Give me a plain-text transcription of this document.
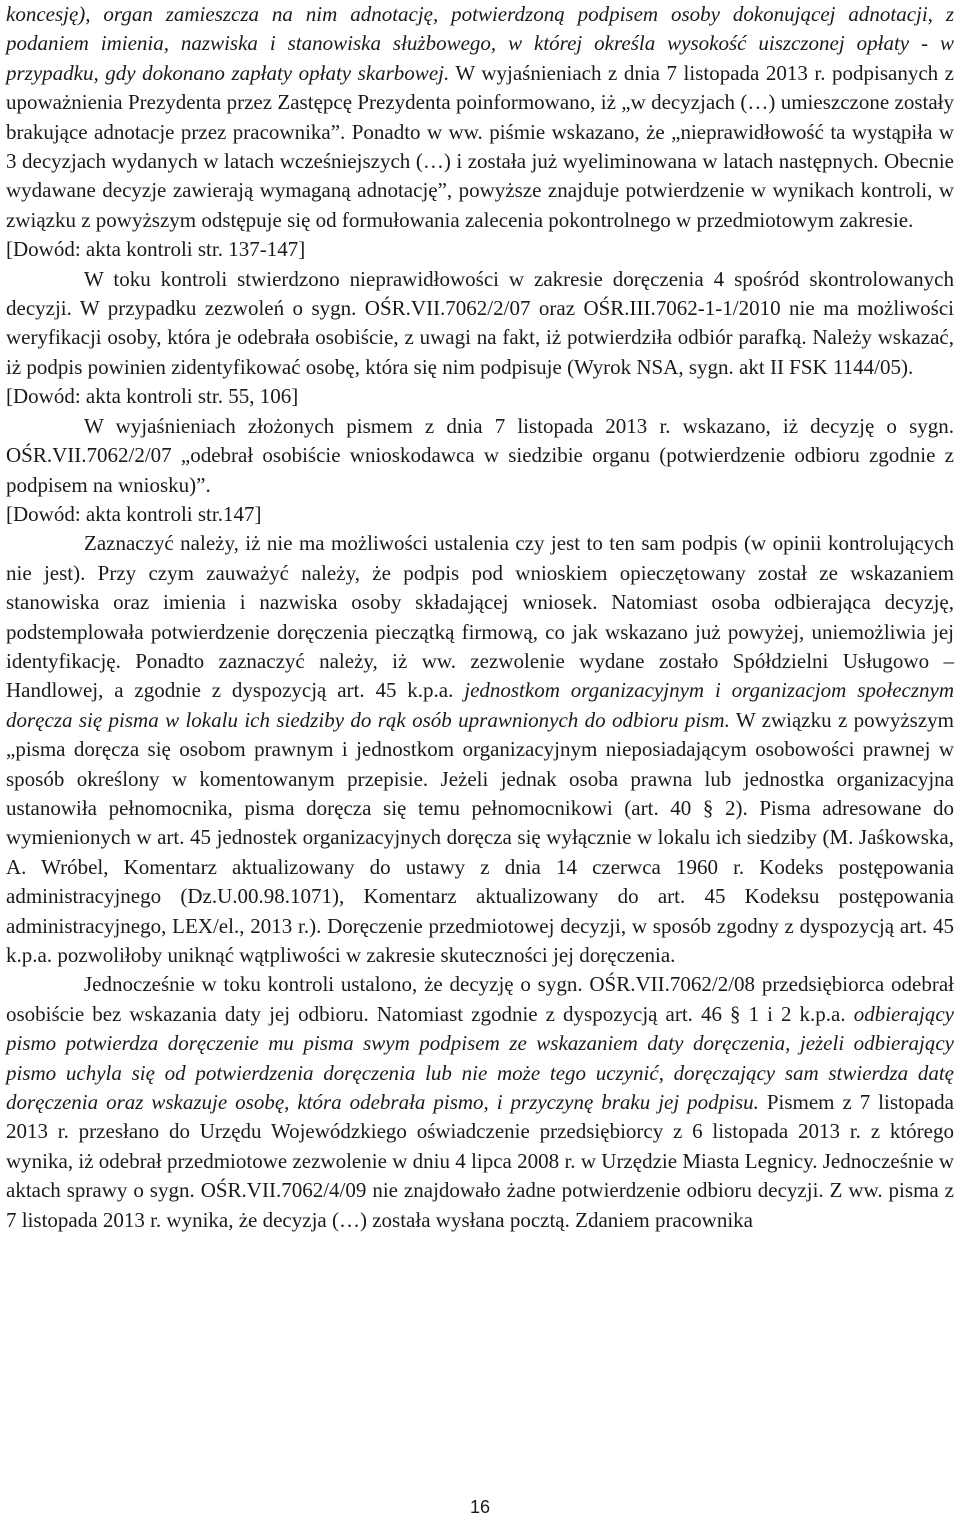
koncesję), organ zamieszcza na nim adnotację, potwierdzoną podpisem osoby dokonującej adnotacji, z podaniem imienia, nazwiska i stanowiska służbowego, w której określa wysokość uiszczonej opłaty - w przypadku, gdy dokonano zapłaty opłaty skarbowej. W wyjaśnieniach z dnia 7 listopada 2013 r. podpisanych z upoważnienia Prezydenta przez Zastępcę Prezydenta poinformowano, iż „w decyzjach (…) umieszczone zostały brakujące adnotacje przez pracownika”. Ponadto w ww. piśmie wskazano, że „nieprawidłowość ta wystąpiła w 3 decyzjach wydanych w latach wcześniejszych (…) i została już wyeliminowana w latach następnych. Obecnie wydawane decyzje zawierają wymaganą adnotację”, powyższe znajduje potwierdzenie w wynikach kontroli, w związku z powyższym odstępuje się od formułowania zalecenia pokontrolnego w przedmiotowym zakresie.

[Dowód: akta kontroli str. 137-147]

W toku kontroli stwierdzono nieprawidłowości w zakresie doręczenia 4 spośród skontrolowanych decyzji. W przypadku zezwoleń o sygn. OŚR.VII.7062/2/07 oraz OŚR.III.7062-1-1/2010 nie ma możliwości weryfikacji osoby, która je odebrała osobiście, z uwagi na fakt, iż potwierdziła odbiór parafką. Należy wskazać, iż podpis powinien zidentyfikować osobę, która się nim podpisuje (Wyrok NSA, sygn. akt II FSK 1144/05).

[Dowód: akta kontroli str. 55, 106]

W wyjaśnieniach złożonych pismem z dnia 7 listopada 2013 r. wskazano, iż decyzję o sygn. OŚR.VII.7062/2/07 „odebrał osobiście wnioskodawca w siedzibie organu (potwierdzenie odbioru zgodnie z podpisem na wniosku)”.

[Dowód: akta kontroli str.147]

Zaznaczyć należy, iż nie ma możliwości ustalenia czy jest to ten sam podpis (w opinii kontrolujących nie jest). Przy czym zauważyć należy, że podpis pod wnioskiem opieczętowany został ze wskazaniem stanowiska oraz imienia i nazwiska osoby składającej wniosek. Natomiast osoba odbierająca decyzję, podstemplowała potwierdzenie doręczenia pieczątką firmową, co jak wskazano już powyżej, uniemożliwia jej identyfikację. Ponadto zaznaczyć należy, iż ww. zezwolenie wydane zostało Spółdzielni Usługowo – Handlowej, a zgodnie z dyspozycją art. 45 k.p.a. jednostkom organizacyjnym i organizacjom społecznym doręcza się pisma w lokalu ich siedziby do rąk osób uprawnionych do odbioru pism. W związku z powyższym „pisma doręcza się osobom prawnym i jednostkom organizacyjnym nieposiadającym osobowości prawnej w sposób określony w komentowanym przepisie. Jeżeli jednak osoba prawna lub jednostka organizacyjna ustanowiła pełnomocnika, pisma doręcza się temu pełnomocnikowi (art. 40 § 2). Pisma adresowane do wymienionych w art. 45 jednostek organizacyjnych doręcza się wyłącznie w lokalu ich siedziby (M. Jaśkowska, A. Wróbel, Komentarz aktualizowany do ustawy z dnia 14 czerwca 1960 r. Kodeks postępowania administracyjnego (Dz.U.00.98.1071), Komentarz aktualizowany do art. 45 Kodeksu postępowania administracyjnego, LEX/el., 2013 r.). Doręczenie przedmiotowej decyzji, w sposób zgodny z dyspozycją art. 45 k.p.a. pozwoliłoby uniknąć wątpliwości w zakresie skuteczności jej doręczenia.

Jednocześnie w toku kontroli ustalono, że decyzję o sygn. OŚR.VII.7062/2/08 przedsiębiorca odebrał osobiście bez wskazania daty jej odbioru. Natomiast zgodnie z dyspozycją art. 46 § 1 i 2 k.p.a. odbierający pismo potwierdza doręczenie mu pisma swym podpisem ze wskazaniem daty doręczenia, jeżeli odbierający pismo uchyla się od potwierdzenia doręczenia lub nie może tego uczynić, doręczający sam stwierdza datę doręczenia oraz wskazuje osobę, która odebrała pismo, i przyczynę braku jej podpisu. Pismem z 7 listopada 2013 r. przesłano do Urzędu Wojewódzkiego oświadczenie przedsiębiorcy z 6 listopada 2013 r. z którego wynika, iż odebrał przedmiotowe zezwolenie w dniu 4 lipca 2008 r. w Urzędzie Miasta Legnicy. Jednocześnie w aktach sprawy o sygn. OŚR.VII.7062/4/09 nie znajdowało żadne potwierdzenie odbioru decyzji. Z ww. pisma z 7 listopada 2013 r. wynika, że decyzja (…) została wysłana pocztą. Zdaniem pracownika

16
